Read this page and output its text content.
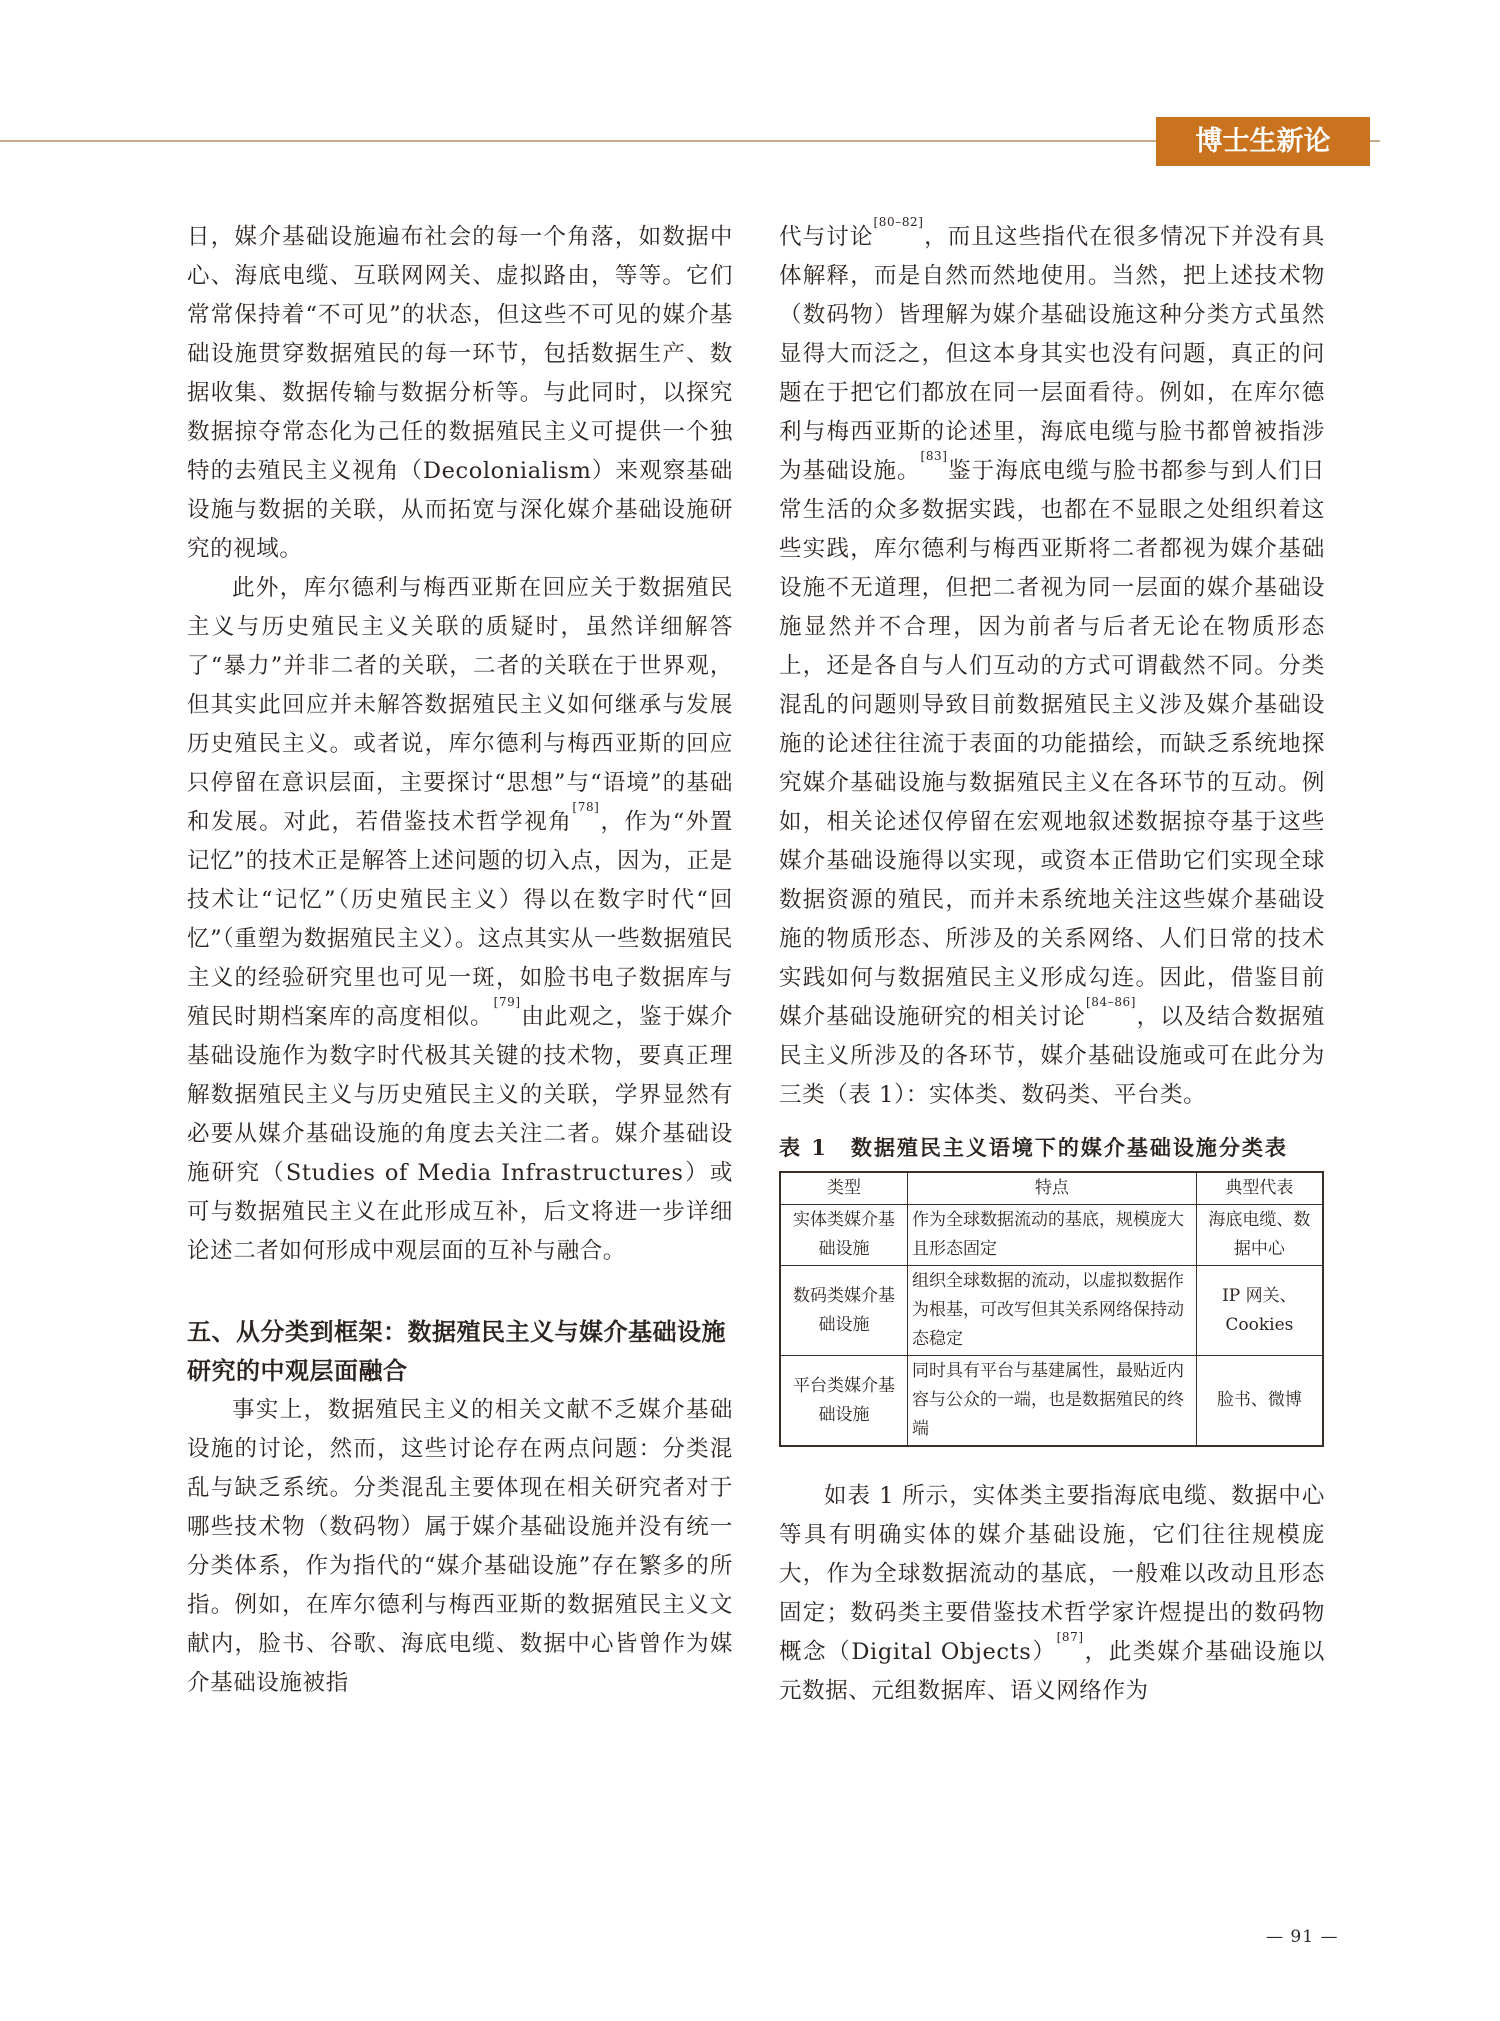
博士生新论

日，媒介基础设施遍布社会的每一个角落，如数据中心、海底电缆、互联网网关、虚拟路由，等等。它们常常保持着“不可见”的状态，但这些不可见的媒介基础设施贯穿数据殖民的每一环节，包括数据生产、数据收集、数据传输与数据分析等。与此同时，以探究数据掠夺常态化为己任的数据殖民主义可提供一个独特的去殖民主义视角（Decolonialism）来观察基础设施与数据的关联，从而拓宽与深化媒介基础设施研究的视域。

此外，库尔德利与梅西亚斯在回应关于数据殖民主义与历史殖民主义关联的质疑时，虽然详细解答了“暴力”并非二者的关联，二者的关联在于世界观，但其实此回应并未解答数据殖民主义如何继承与发展历史殖民主义。或者说，库尔德利与梅西亚斯的回应只停留在意识层面，主要探讨“思想”与“语境”的基础和发展。对此，若借鉴技术哲学视角[78]，作为“外置记忆”的技术正是解答上述问题的切入点，因为，正是技术让“记忆”（历史殖民主义）得以在数字时代“回忆”（重塑为数据殖民主义）。这点其实从一些数据殖民主义的经验研究里也可见一斑，如脸书电子数据库与殖民时期档案库的高度相似。[79]由此观之，鉴于媒介基础设施作为数字时代极其关键的技术物，要真正理解数据殖民主义与历史殖民主义的关联，学界显然有必要从媒介基础设施的角度去关注二者。媒介基础设施研究（Studies of Media Infrastructures）或可与数据殖民主义在此形成互补，后文将进一步详细论述二者如何形成中观层面的互补与融合。

五、从分类到框架：数据殖民主义与媒介基础设施研究的中观层面融合

事实上，数据殖民主义的相关文献不乏媒介基础设施的讨论，然而，这些讨论存在两点问题：分类混乱与缺乏系统。分类混乱主要体现在相关研究者对于哪些技术物（数码物）属于媒介基础设施并没有统一分类体系，作为指代的“媒介基础设施”存在繁多的所指。例如，在库尔德利与梅西亚斯的数据殖民主义文献内，脸书、谷歌、海底电缆、数据中心皆曾作为媒介基础设施被指

代与讨论[80–82]，而且这些指代在很多情况下并没有具体解释，而是自然而然地使用。当然，把上述技术物（数码物）皆理解为媒介基础设施这种分类方式虽然显得大而泛之，但这本身其实也没有问题，真正的问题在于把它们都放在同一层面看待。例如，在库尔德利与梅西亚斯的论述里，海底电缆与脸书都曾被指涉为基础设施。[83]鉴于海底电缆与脸书都参与到人们日常生活的众多数据实践，也都在不显眼之处组织着这些实践，库尔德利与梅西亚斯将二者都视为媒介基础设施不无道理，但把二者视为同一层面的媒介基础设施显然并不合理，因为前者与后者无论在物质形态上，还是各自与人们互动的方式可谓截然不同。分类混乱的问题则导致目前数据殖民主义涉及媒介基础设施的论述往往流于表面的功能描绘，而缺乏系统地探究媒介基础设施与数据殖民主义在各环节的互动。例如，相关论述仅停留在宏观地叙述数据掠夺基于这些媒介基础设施得以实现，或资本正借助它们实现全球数据资源的殖民，而并未系统地关注这些媒介基础设施的物质形态、所涉及的关系网络、人们日常的技术实践如何与数据殖民主义形成勾连。因此，借鉴目前媒介基础设施研究的相关讨论[84–86]，以及结合数据殖民主义所涉及的各环节，媒介基础设施或可在此分为三类（表 1）：实体类、数码类、平台类。

表 1　数据殖民主义语境下的媒介基础设施分类表
类型	特点	典型代表
实体类媒介基础设施	作为全球数据流动的基底，规模庞大且形态固定	海底电缆、数据中心
数码类媒介基础设施	组织全球数据的流动，以虚拟数据作为根基，可改写但其关系网络保持动态稳定	IP 网关、Cookies
平台类媒介基础设施	同时具有平台与基建属性，最贴近内容与公众的一端，也是数据殖民的终端	脸书、微博

如表 1 所示，实体类主要指海底电缆、数据中心等具有明确实体的媒介基础设施，它们往往规模庞大，作为全球数据流动的基底，一般难以改动且形态固定；数码类主要借鉴技术哲学家许煜提出的数码物概念（Digital Objects）[87]，此类媒介基础设施以元数据、元组数据库、语义网络作为

— 91 —
